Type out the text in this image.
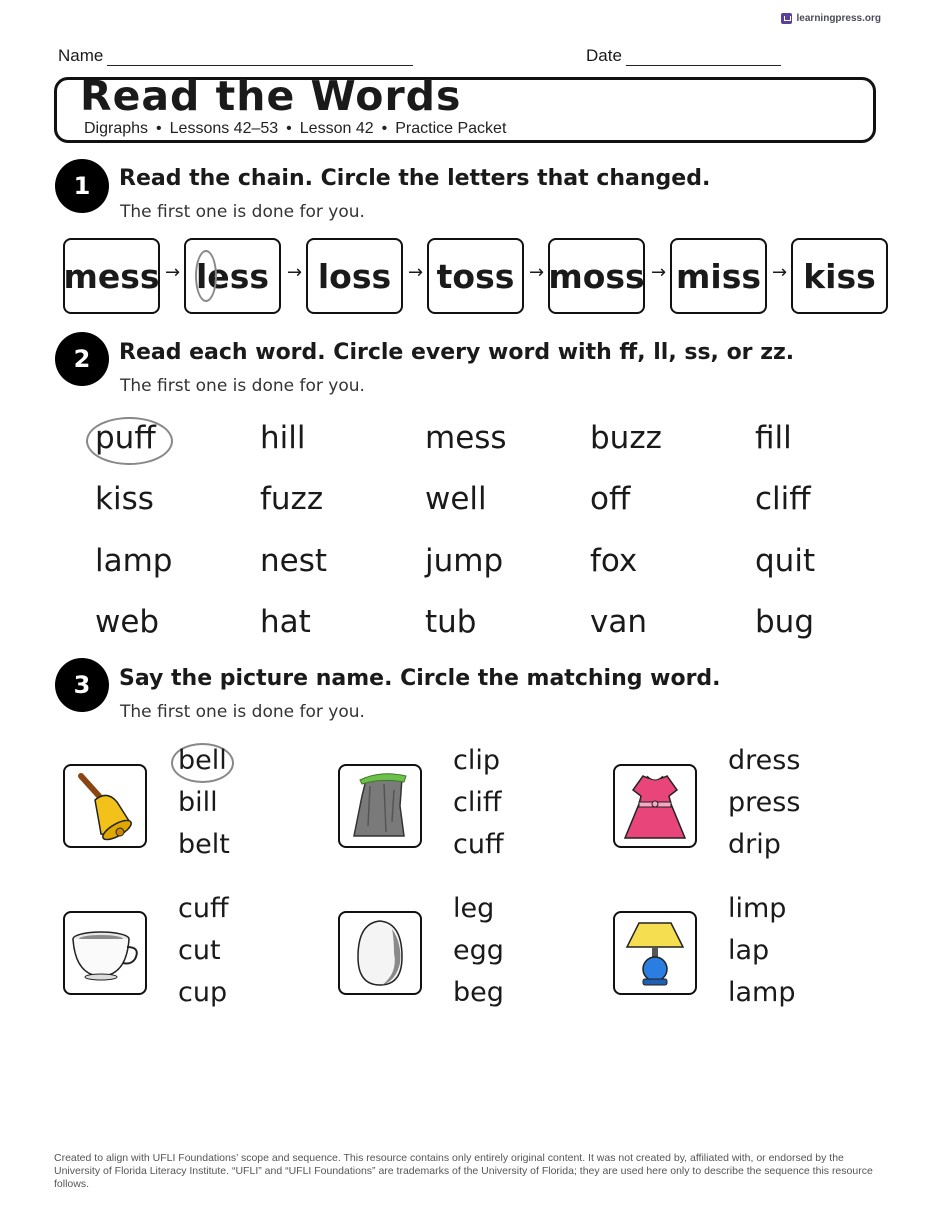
learningpress.org
Name	Date
Read the Words
Digraphs • Lessons 42–53 • Lesson 42 • Practice Packet
1	Read the chain. Circle the letters that changed.
The first one is done for you.
mess → less	→ loss → toss → moss → miss → kiss
2	Read each word. Circle every word with ff, ll, ss, or zz.
The first one is done for you.
puff	hill	mess	buzz	fill
kiss	fuzz	well	off	cliff
lamp	nest	jump	fox	quit
web	hat	tub	van	bug
3	Say the picture name. Circle the matching word.
The first one is done for you.
bell
bill
belt
clip
cliff
cuff
dress
press
drip
cuff
cut
cup
leg
egg
beg
limp
lap
lamp
Created to align with UFLI Foundations’ scope and sequence. This resource contains only entirely original content. It was not created by, affiliated with, or endorsed by the University of Florida Literacy Institute. “UFLI” and “UFLI Foundations” are trademarks of the University of Florida; they are used here only to describe the sequence this resource follows.
